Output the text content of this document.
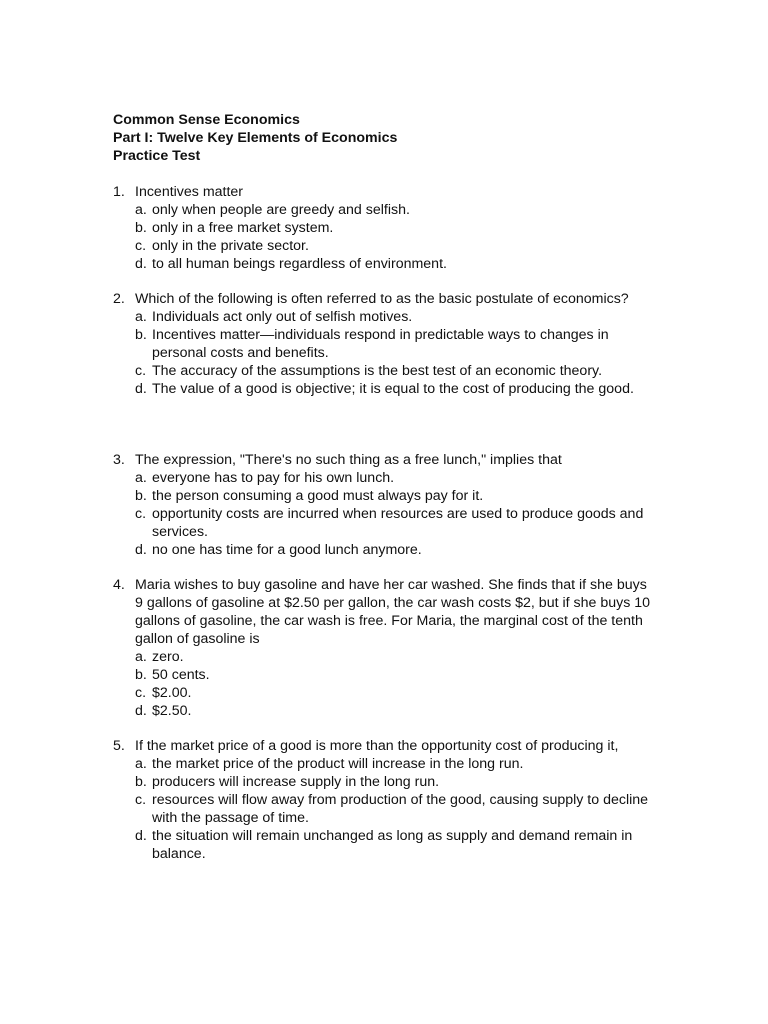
Common Sense Economics
Part I: Twelve Key Elements of Economics
Practice Test
1. Incentives matter
a. only when people are greedy and selfish.
b. only in a free market system.
c. only in the private sector.
d. to all human beings regardless of environment.
2. Which of the following is often referred to as the basic postulate of economics?
a. Individuals act only out of selfish motives.
b. Incentives matter—individuals respond in predictable ways to changes in personal costs and benefits.
c. The accuracy of the assumptions is the best test of an economic theory.
d. The value of a good is objective; it is equal to the cost of producing the good.
3. The expression, "There's no such thing as a free lunch," implies that
a. everyone has to pay for his own lunch.
b. the person consuming a good must always pay for it.
c. opportunity costs are incurred when resources are used to produce goods and services.
d. no one has time for a good lunch anymore.
4. Maria wishes to buy gasoline and have her car washed. She finds that if she buys 9 gallons of gasoline at $2.50 per gallon, the car wash costs $2, but if she buys 10 gallons of gasoline, the car wash is free. For Maria, the marginal cost of the tenth gallon of gasoline is
a. zero.
b. 50 cents.
c. $2.00.
d. $2.50.
5. If the market price of a good is more than the opportunity cost of producing it,
a. the market price of the product will increase in the long run.
b. producers will increase supply in the long run.
c. resources will flow away from production of the good, causing supply to decline with the passage of time.
d. the situation will remain unchanged as long as supply and demand remain in balance.
